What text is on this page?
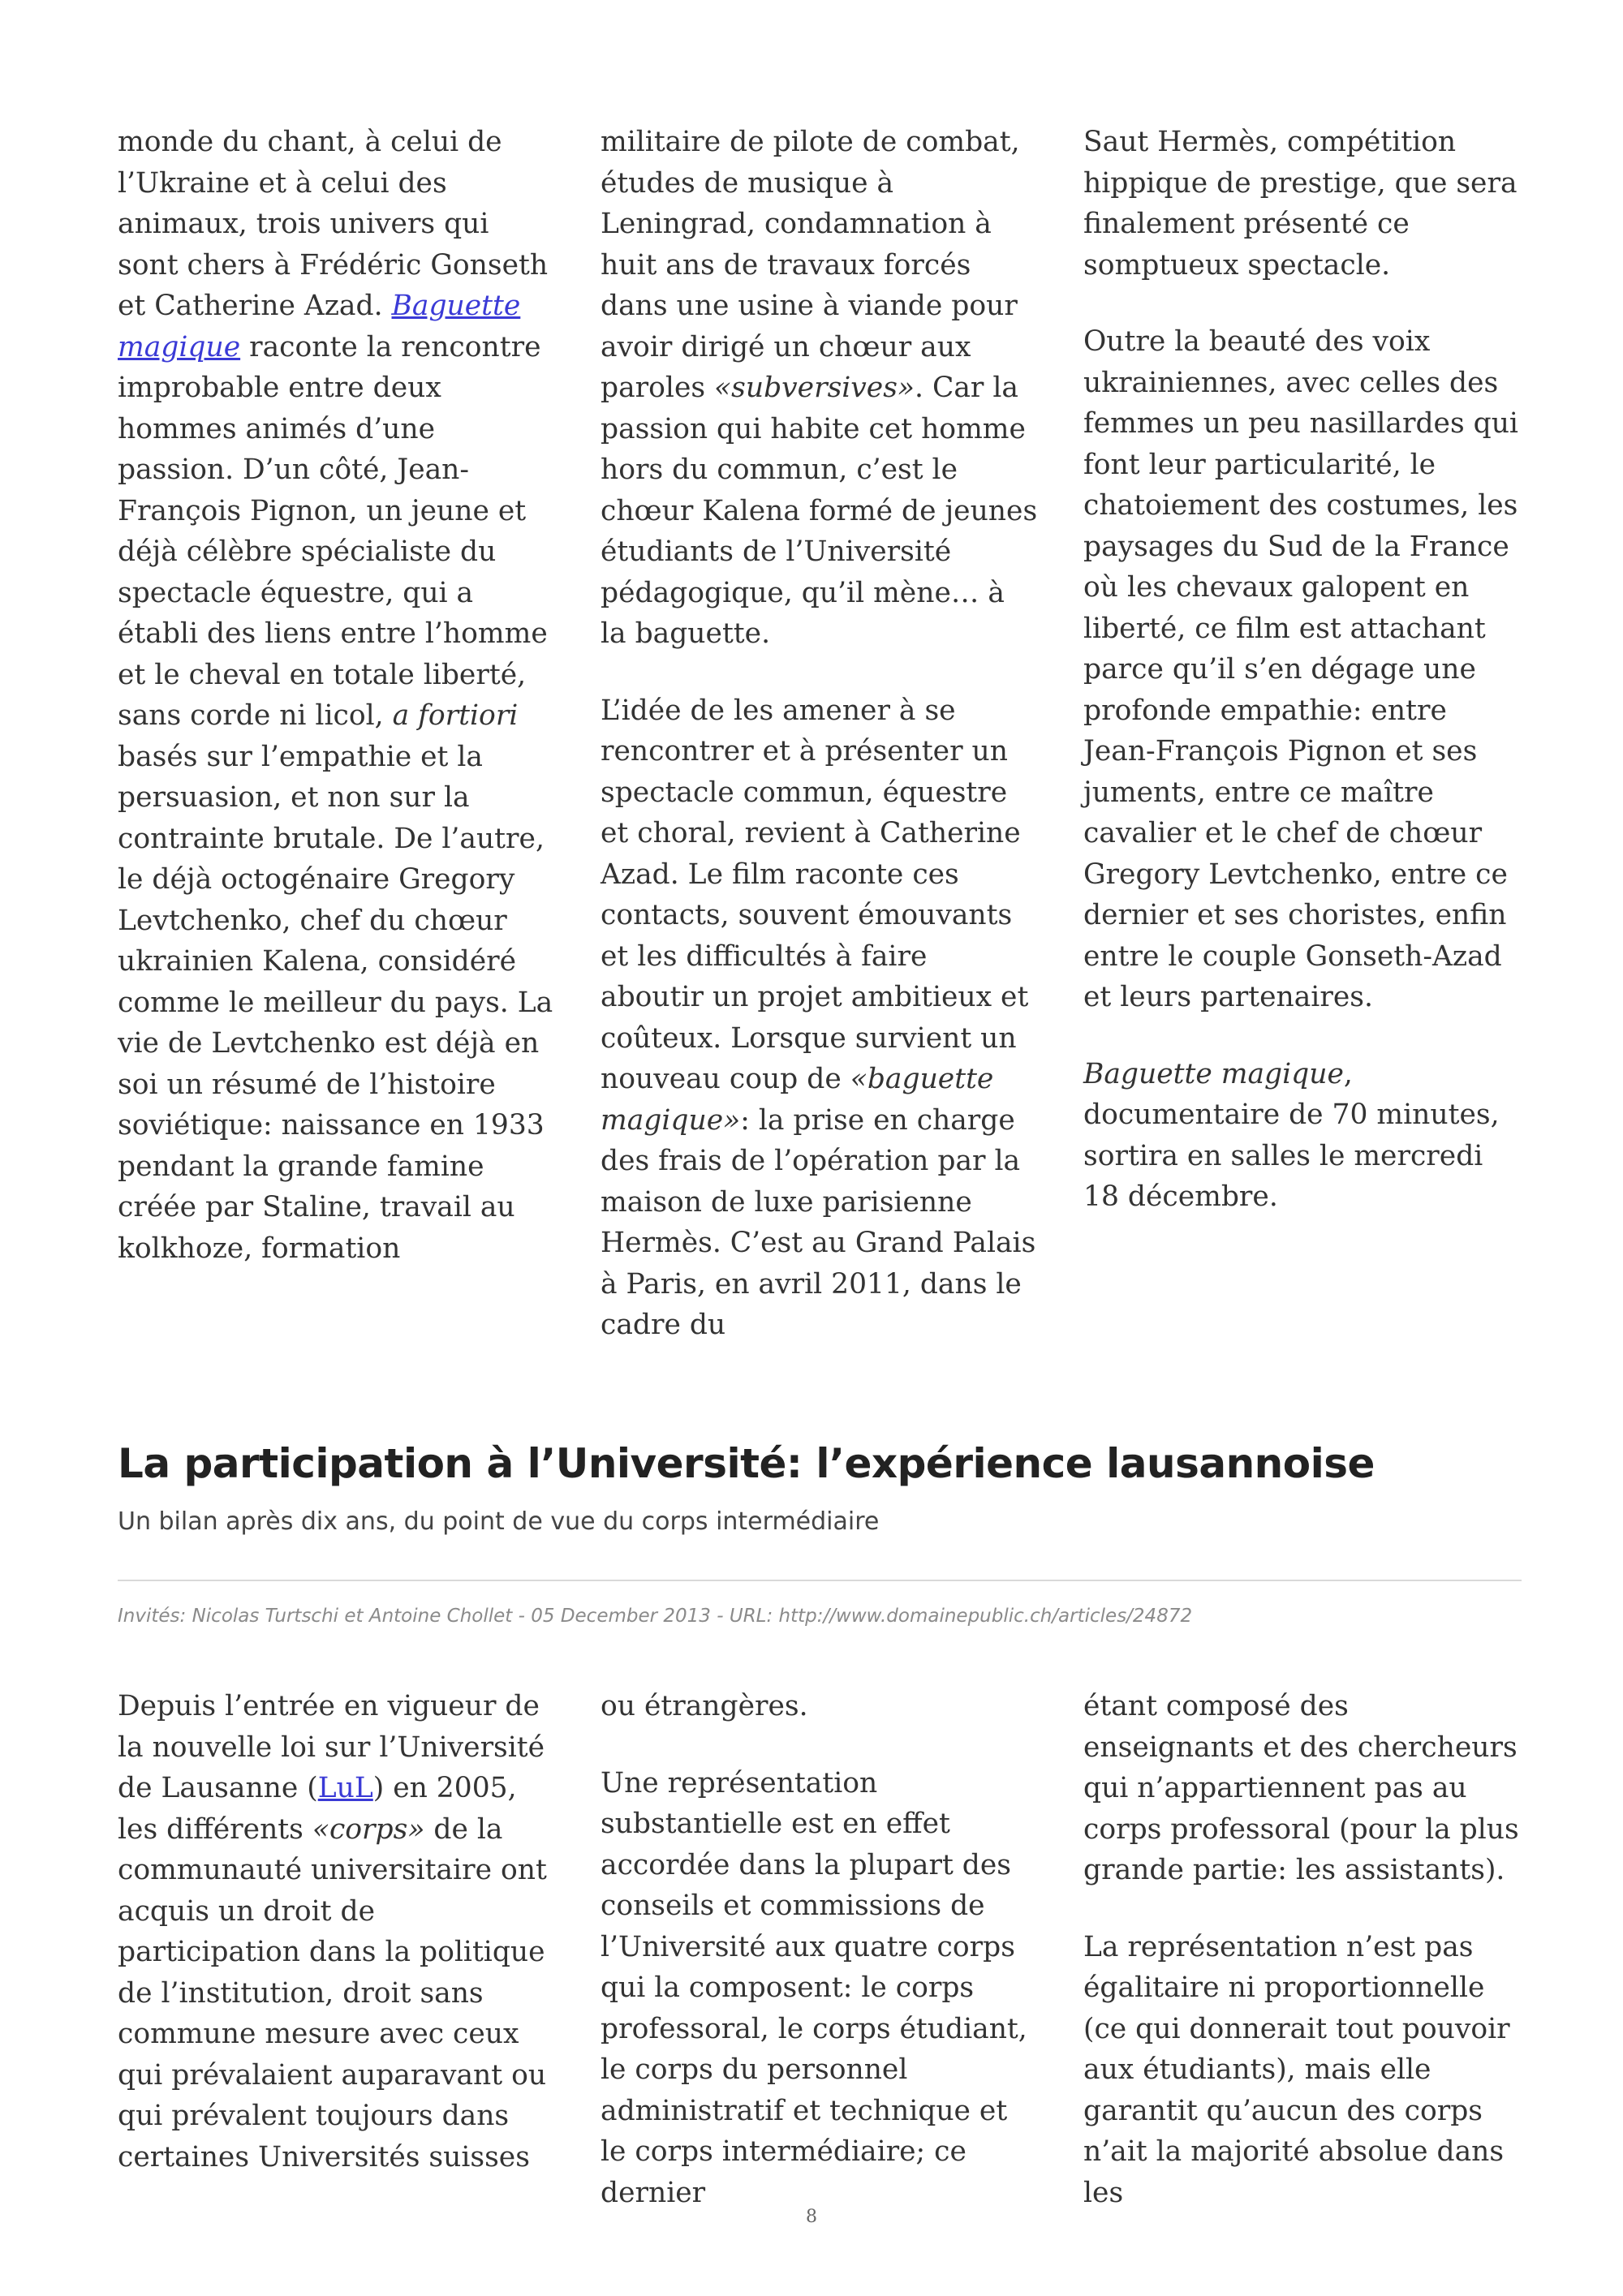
monde du chant, à celui de l’Ukraine et à celui des animaux, trois univers qui sont chers à Frédéric Gonseth et Catherine Azad. Baguette magique raconte la rencontre improbable entre deux hommes animés d’une passion. D’un côté, Jean-François Pignon, un jeune et déjà célèbre spécialiste du spectacle équestre, qui a établi des liens entre l’homme et le cheval en totale liberté, sans corde ni licol, a fortiori basés sur l’empathie et la persuasion, et non sur la contrainte brutale. De l’autre, le déjà octogénaire Gregory Levtchenko, chef du chœur ukrainien Kalena, considéré comme le meilleur du pays. La vie de Levtchenko est déjà en soi un résumé de l’histoire soviétique: naissance en 1933 pendant la grande famine créée par Staline, travail au kolkhoze, formation

militaire de pilote de combat, études de musique à Leningrad, condamnation à huit ans de travaux forcés dans une usine à viande pour avoir dirigé un chœur aux paroles «subversives». Car la passion qui habite cet homme hors du commun, c’est le chœur Kalena formé de jeunes étudiants de l’Université pédagogique, qu’il mène… à la baguette.

L’idée de les amener à se rencontrer et à présenter un spectacle commun, équestre et choral, revient à Catherine Azad. Le film raconte ces contacts, souvent émouvants et les difficultés à faire aboutir un projet ambitieux et coûteux. Lorsque survient un nouveau coup de «baguette magique»: la prise en charge des frais de l’opération par la maison de luxe parisienne Hermès. C’est au Grand Palais à Paris, en avril 2011, dans le cadre du

Saut Hermès, compétition hippique de prestige, que sera finalement présenté ce somptueux spectacle.

Outre la beauté des voix ukrainiennes, avec celles des femmes un peu nasillardes qui font leur particularité, le chatoiement des costumes, les paysages du Sud de la France où les chevaux galopent en liberté, ce film est attachant parce qu’il s’en dégage une profonde empathie: entre Jean-François Pignon et ses juments, entre ce maître cavalier et le chef de chœur Gregory Levtchenko, entre ce dernier et ses choristes, enfin entre le couple Gonseth-Azad et leurs partenaires.

Baguette magique, documentaire de 70 minutes, sortira en salles le mercredi 18 décembre.

La participation à l’Université: l’expérience lausannoise

Un bilan après dix ans, du point de vue du corps intermédiaire

Invités: Nicolas Turtschi et Antoine Chollet - 05 December 2013 - URL: http://www.domainepublic.ch/articles/24872

Depuis l’entrée en vigueur de la nouvelle loi sur l’Université de Lausanne (LuL) en 2005, les différents «corps» de la communauté universitaire ont acquis un droit de participation dans la politique de l’institution, droit sans commune mesure avec ceux qui prévalaient auparavant ou qui prévalent toujours dans certaines Universités suisses

ou étrangères.

Une représentation substantielle est en effet accordée dans la plupart des conseils et commissions de l’Université aux quatre corps qui la composent: le corps professoral, le corps étudiant, le corps du personnel administratif et technique et le corps intermédiaire; ce dernier

étant composé des enseignants et des chercheurs qui n’appartiennent pas au corps professoral (pour la plus grande partie: les assistants).

La représentation n’est pas égalitaire ni proportionnelle (ce qui donnerait tout pouvoir aux étudiants), mais elle garantit qu’aucun des corps n’ait la majorité absolue dans les

8
